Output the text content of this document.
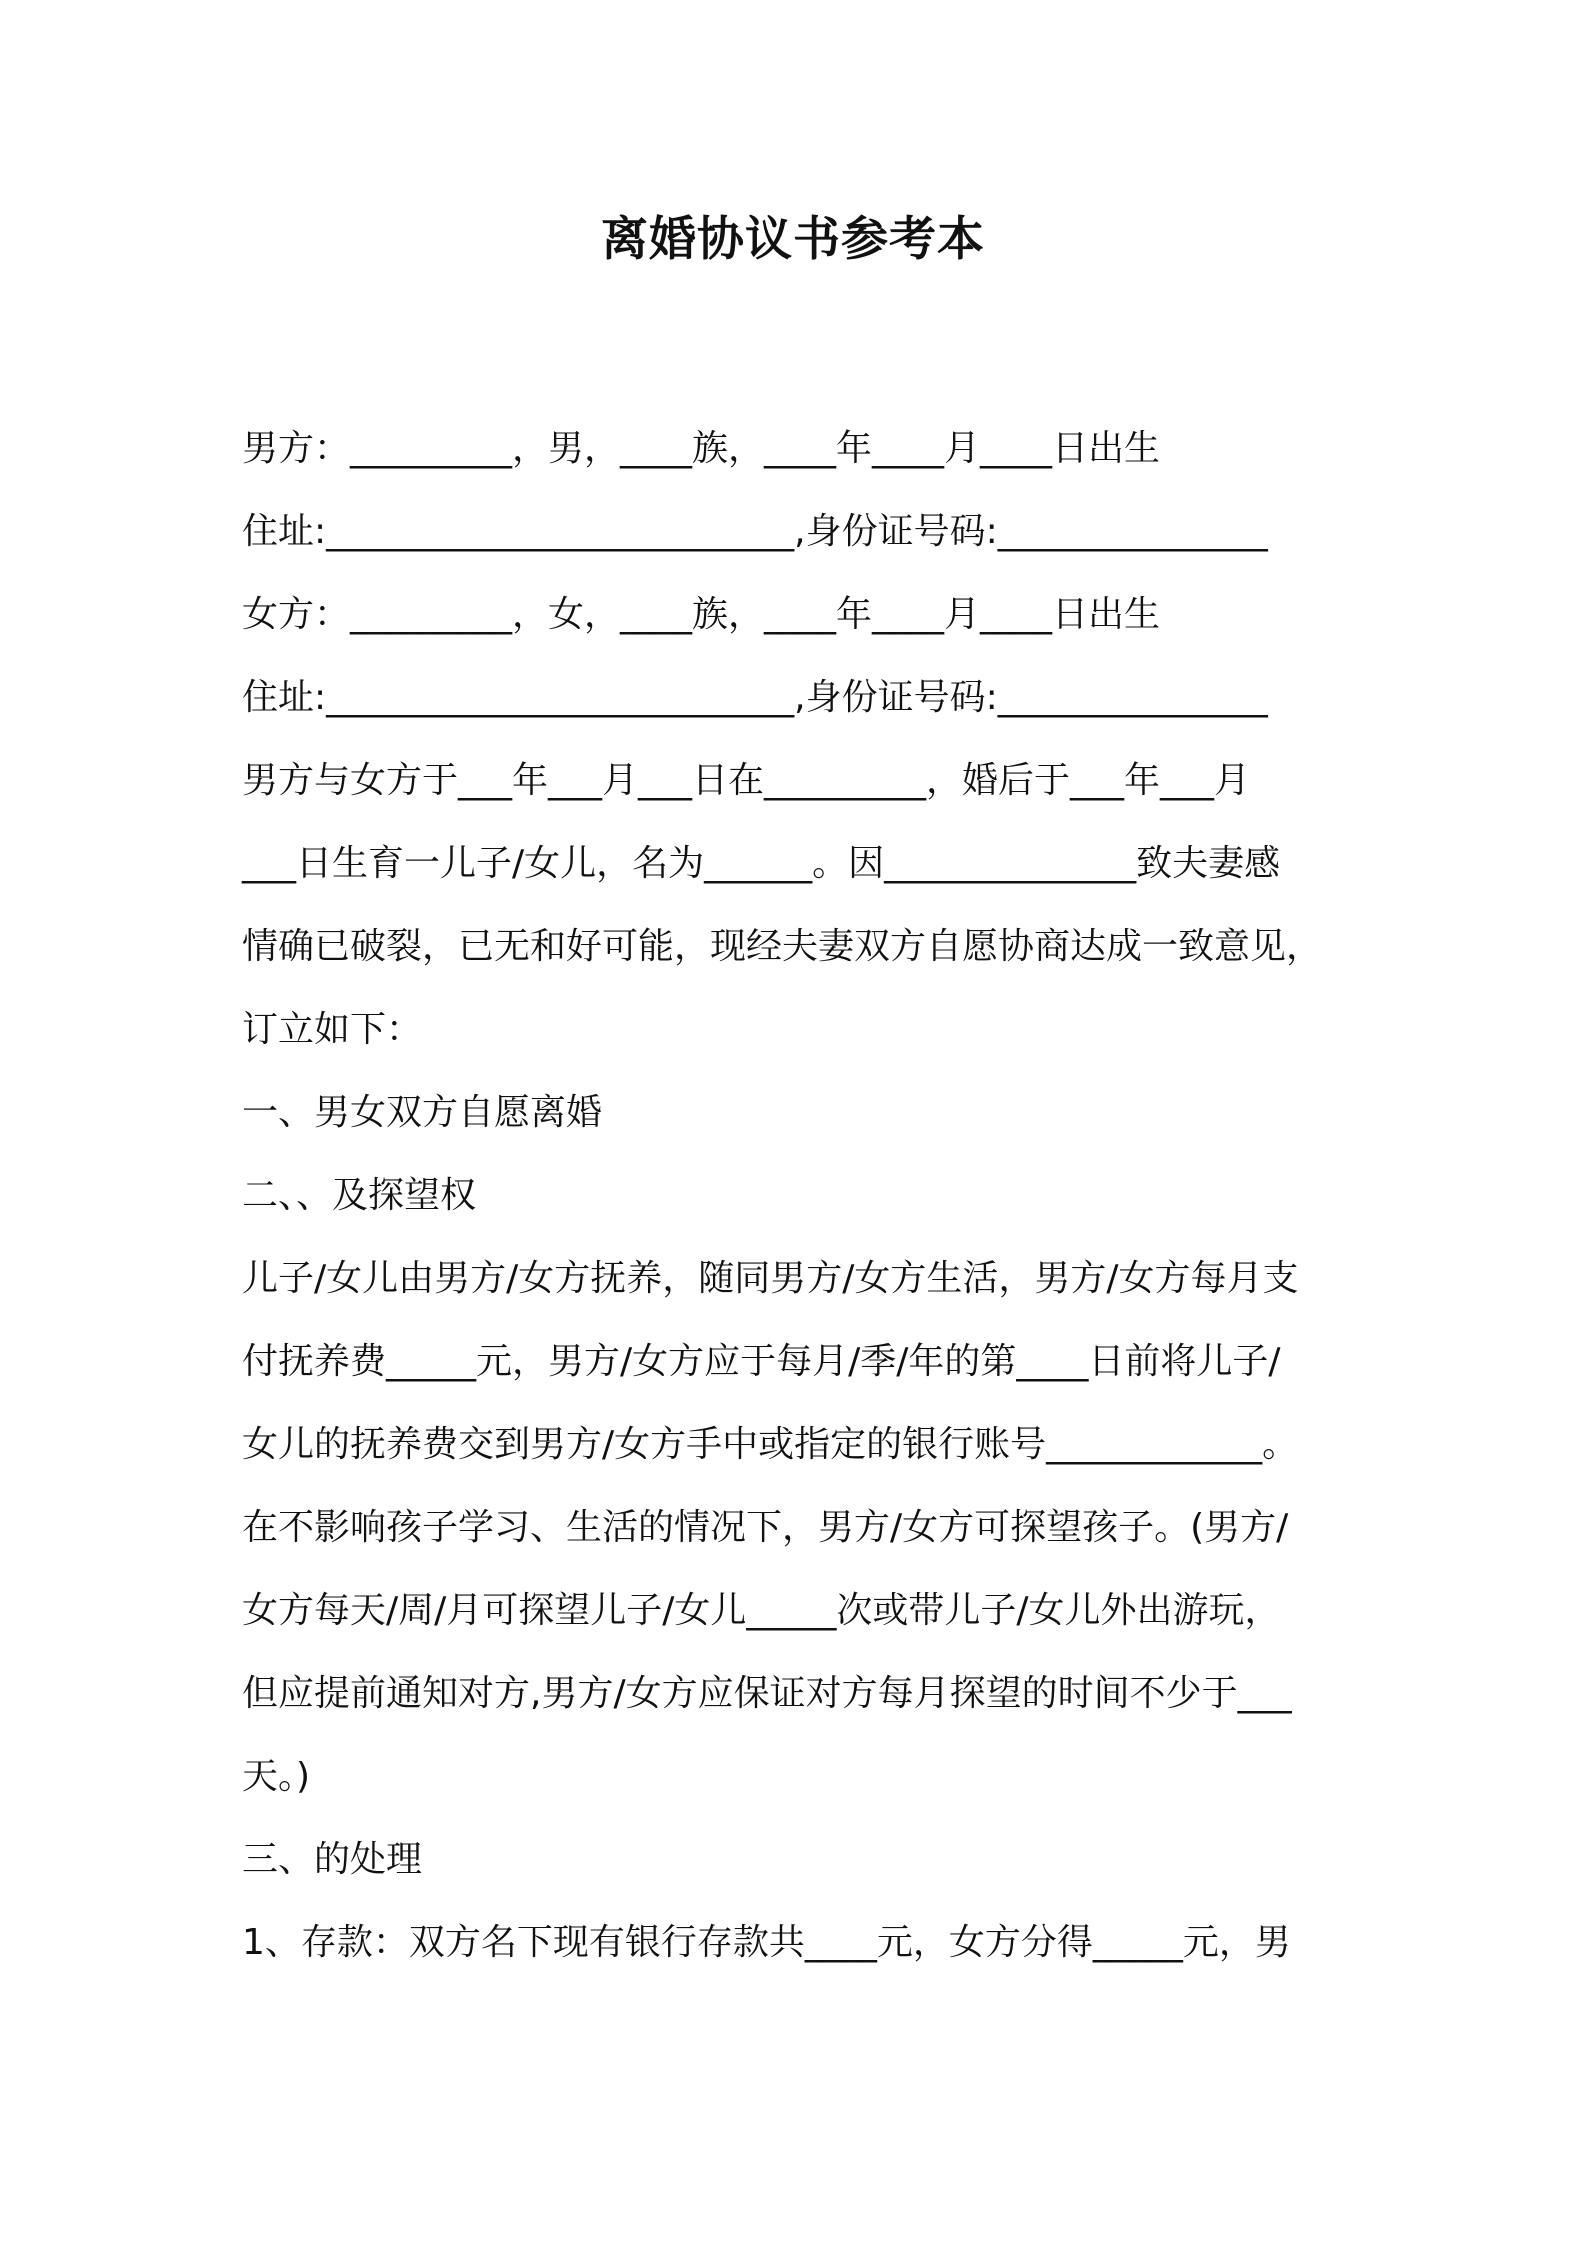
离婚协议书参考本
男方：_________，男，____族，____年____月____日出生
住址:__________________________,身份证号码:_______________
女方：_________，女，____族，____年____月____日出生
住址:__________________________,身份证号码:_______________
男方与女方于___年___月___日在_________，婚后于___年___月
___日生育一儿子/女儿，名为______。因______________致夫妻感
情确已破裂，已无和好可能，现经夫妻双方自愿协商达成一致意见，
订立如下：
一、男女双方自愿离婚
二、、及探望权
儿子/女儿由男方/女方抚养，随同男方/女方生活，男方/女方每月支
付抚养费_____元，男方/女方应于每月/季/年的第____日前将儿子/
女儿的抚养费交到男方/女方手中或指定的银行账号____________。
在不影响孩子学习、生活的情况下，男方/女方可探望孩子。(男方/
女方每天/周/月可探望儿子/女儿_____次或带儿子/女儿外出游玩，
但应提前通知对方,男方/女方应保证对方每月探望的时间不少于___
天。)
三、的处理
1、存款：双方名下现有银行存款共____元，女方分得_____元，男
